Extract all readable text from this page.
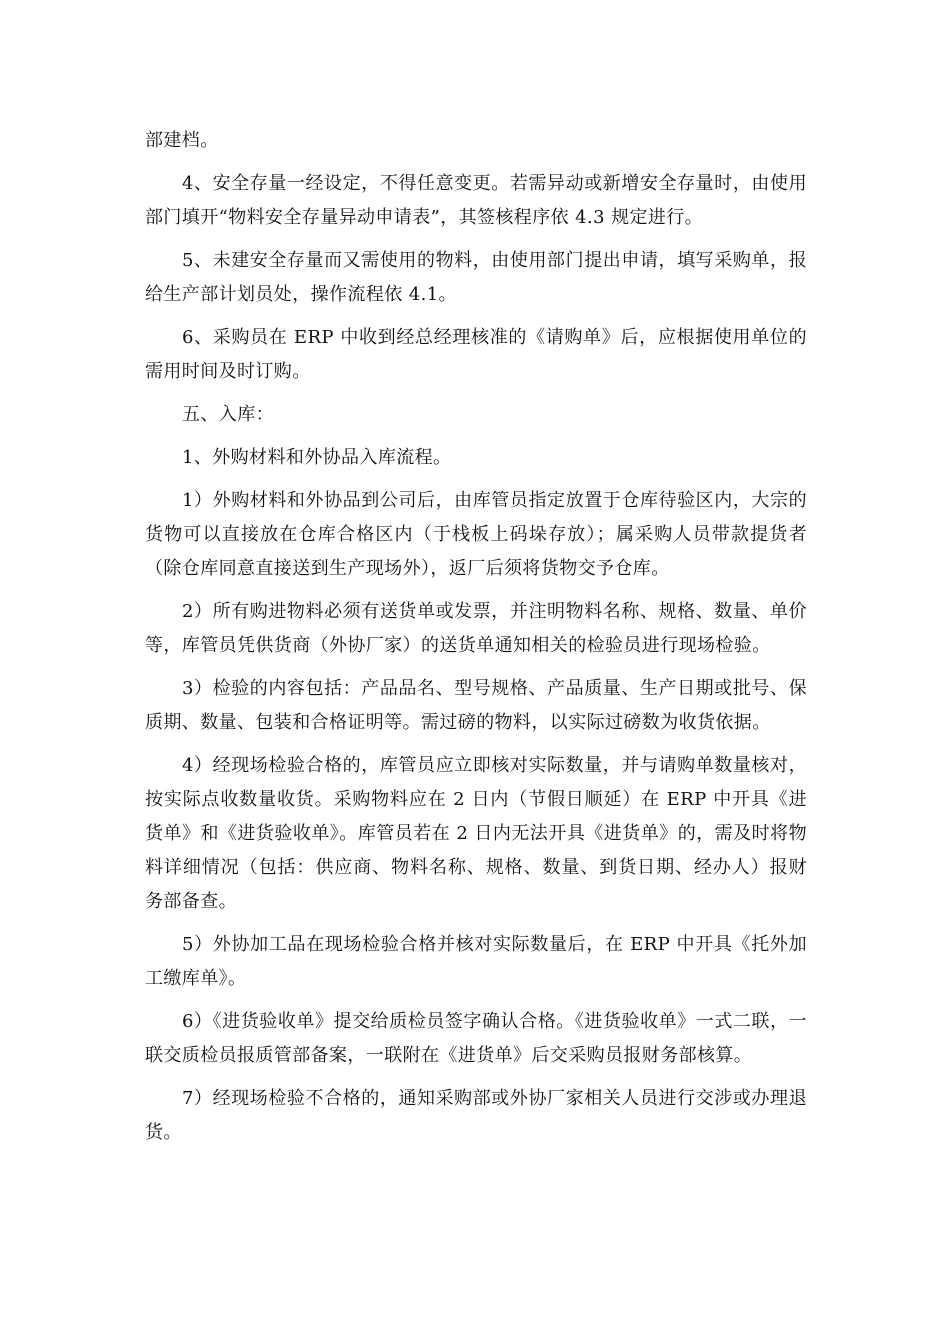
部建档。

4、安全存量一经设定，不得任意变更。若需异动或新增安全存量时，由使用部门填开“物料安全存量异动申请表”，其签核程序依 4.3 规定进行。

5、未建安全存量而又需使用的物料，由使用部门提出申请，填写采购单，报给生产部计划员处，操作流程依 4.1。

6、采购员在 ERP 中收到经总经理核准的《请购单》后，应根据使用单位的需用时间及时订购。

五、入库：

1、外购材料和外协品入库流程。

1）外购材料和外协品到公司后，由库管员指定放置于仓库待验区内，大宗的货物可以直接放在仓库合格区内（于栈板上码垛存放）；属采购人员带款提货者（除仓库同意直接送到生产现场外），返厂后须将货物交予仓库。

2）所有购进物料必须有送货单或发票，并注明物料名称、规格、数量、单价等，库管员凭供货商（外协厂家）的送货单通知相关的检验员进行现场检验。

3）检验的内容包括：产品品名、型号规格、产品质量、生产日期或批号、保质期、数量、包装和合格证明等。需过磅的物料，以实际过磅数为收货依据。

4）经现场检验合格的，库管员应立即核对实际数量，并与请购单数量核对，按实际点收数量收货。采购物料应在 2 日内（节假日顺延）在 ERP 中开具《进货单》和《进货验收单》。库管员若在 2 日内无法开具《进货单》的，需及时将物料详细情况（包括：供应商、物料名称、规格、数量、到货日期、经办人）报财务部备查。

5）外协加工品在现场检验合格并核对实际数量后，在 ERP 中开具《托外加工缴库单》。

6）《进货验收单》提交给质检员签字确认合格。《进货验收单》一式二联，一联交质检员报质管部备案，一联附在《进货单》后交采购员报财务部核算。

7）经现场检验不合格的，通知采购部或外协厂家相关人员进行交涉或办理退货。
